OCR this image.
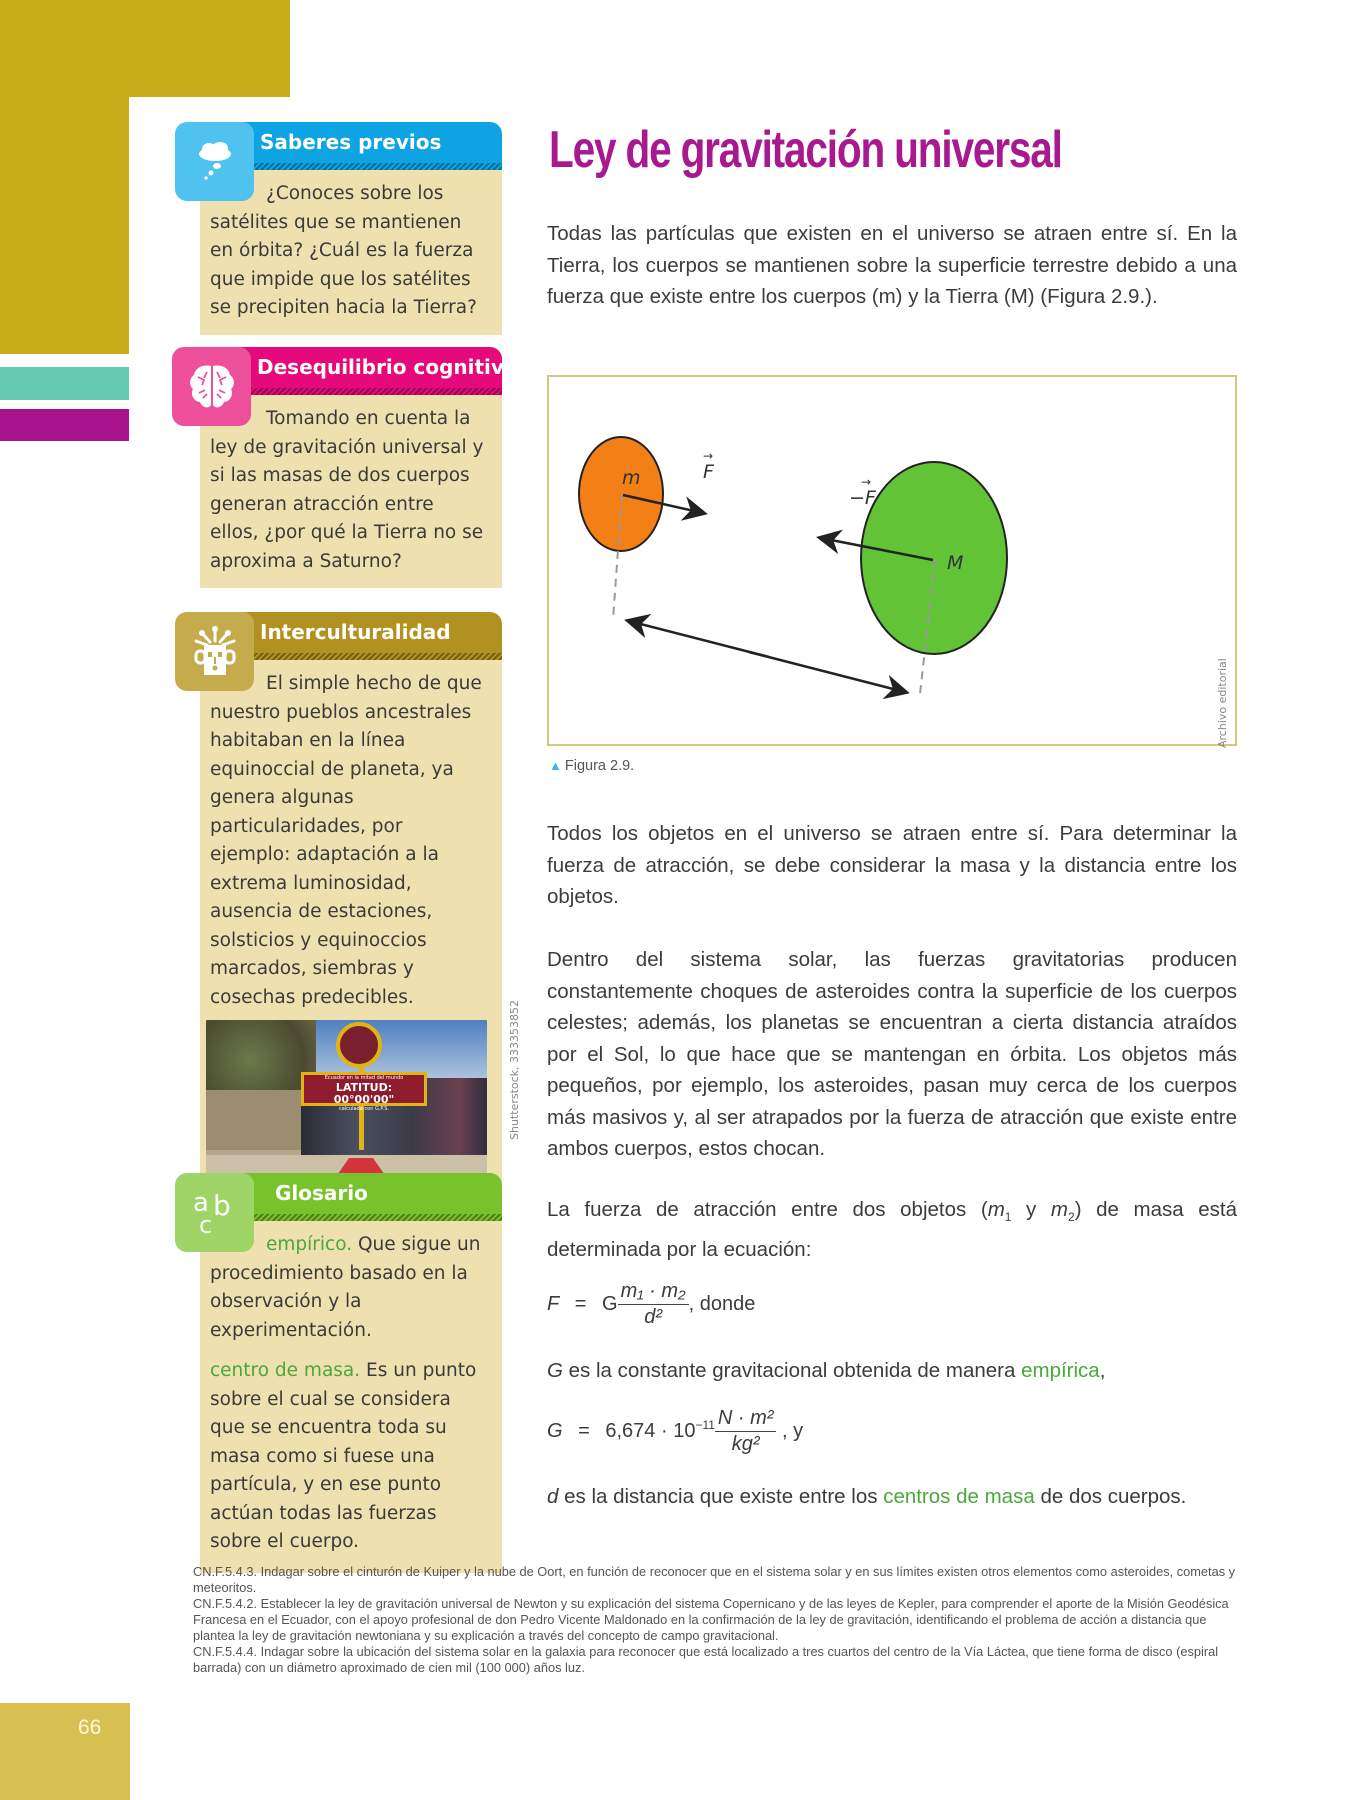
66
Saberes previos
¿Conoces sobre los satélites que se mantienen en órbita? ¿Cuál es la fuerza que impide que los satélites se precipiten hacia la Tierra?
Desequilibrio cognitivo
Tomando en cuenta la ley de gravitación universal y si las masas de dos cuerpos generan atracción entre ellos, ¿por qué la Tierra no se aproxima a Saturno?
Interculturalidad
El simple hecho de que nuestro pueblos ancestrales habitaban en la línea equinoccial de planeta, ya genera algunas particularidades, por ejemplo: adaptación a la extrema luminosidad, ausencia de estaciones, solsticios y equinoccios marcados, siembras y cosechas predecibles.
Ecuador en la mitad del mundo
LATITUD: 00°00'00"
calculada con G.P.S.	Shutterstock, 333353852
a b
c
Glosario

empírico. Que sigue un procedimiento basado en la observación y la experimentación.

centro de masa. Es un punto sobre el cual se considera que se encuentra toda su masa como si fuese una partícula, y en ese punto actúan todas las fuerzas sobre el cuerpo.

Ley de gravitación universal

Todas las partículas que existen en el universo se atraen entre sí. En la Tierra, los cuerpos se mantienen sobre la superficie terrestre debido a una fuerza que existe entre los cuerpos (m) y la Tierra (M) (Figura 2.9.).

m	F
→
−F
→
M
Archivo editorial
▲ Figura 2.9.

Todos los objetos en el universo se atraen entre sí. Para determinar la fuerza de atracción, se debe considerar la masa y la distancia entre los objetos.

Dentro del sistema solar, las fuerzas gravitatorias producen constantemente choques de asteroides contra la superficie de los cuerpos celestes; además, los planetas se encuentran a cierta distancia atraídos por el Sol, lo que hace que se mantengan en órbita. Los objetos más pequeños, por ejemplo, los asteroides, pasan muy cerca de los cuerpos más masivos y, al ser atrapados por la fuerza de atracción que existe entre ambos cuerpos, estos chocan.

La fuerza de atracción entre dos objetos ($m_1$ y $m_2$) de masa está determinada por la ecuación:

F = G $\frac{\text{m₁ · m₂}}{\text{d²}}$ , donde

G es la constante gravitacional obtenida de manera empírica,

$G = 6,674 \cdot 10^{-11} \frac{\text{N · m²}}{\text{kg²}}$ , y

d es la distancia que existe entre los centros de masa de dos cuerpos.

CN.F.5.4.3. Indagar sobre el cinturón de Kuiper y la nube de Oort, en función de reconocer que en el sistema solar y en sus límites existen otros elementos como asteroides, cometas y meteoritos.

CN.F.5.4.2. Establecer la ley de gravitación universal de Newton y su explicación del sistema Copernicano y de las leyes de Kepler, para comprender el aporte de la Misión Geodésica Francesa en el Ecuador, con el apoyo profesional de don Pedro Vicente Maldonado en la confirmación de la ley de gravitación, identificando el problema de acción a distancia que plantea la ley de gravitación newtoniana y su explicación a través del concepto de campo gravitacional.

CN.F.5.4.4. Indagar sobre la ubicación del sistema solar en la galaxia para reconocer que está localizado a tres cuartos del centro de la Vía Láctea, que tiene forma de disco (espiral barrada) con un diámetro aproximado de cien mil (100 000) años luz.
